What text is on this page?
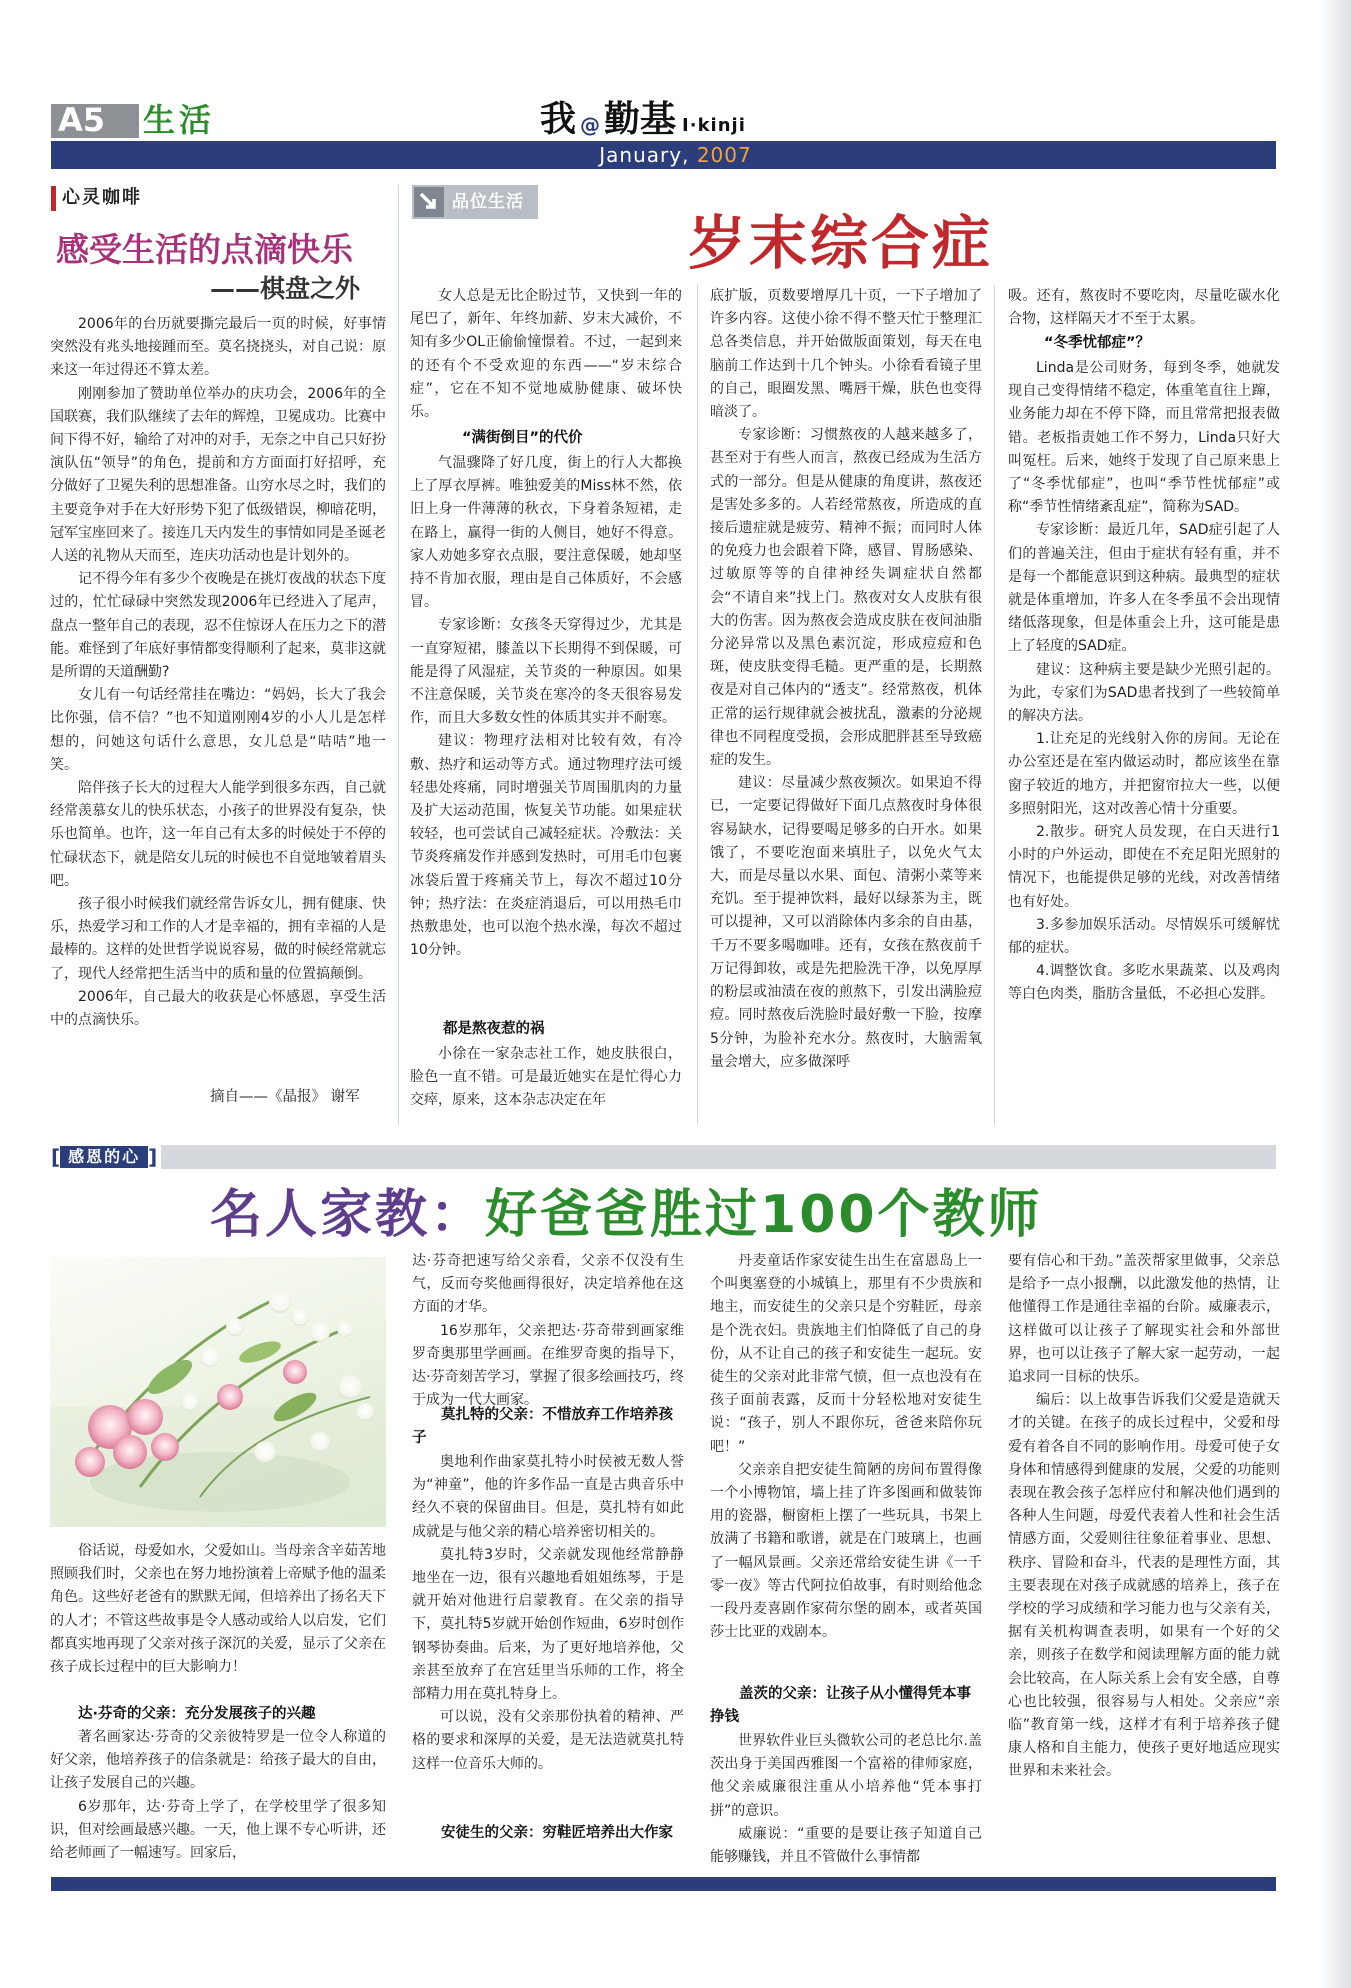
A5	生活	我 @ 勤基 I·kinji
January, 2007
心灵咖啡
感受生活的点滴快乐
——棋盘之外

2006年的台历就要撕完最后一页的时候，好事情突然没有兆头地接踵而至。莫名挠挠头，对自己说：原来这一年过得还不算太差。

刚刚参加了赞助单位举办的庆功会，2006年的全国联赛，我们队继续了去年的辉煌，卫冕成功。比赛中间下得不好，输给了对冲的对手，无奈之中自己只好扮演队伍“领导”的角色，提前和方方面面打好招呼，充分做好了卫冕失利的思想准备。山穷水尽之时，我们的主要竞争对手在大好形势下犯了低级错误，柳暗花明，冠军宝座回来了。接连几天内发生的事情如同是圣诞老人送的礼物从天而至，连庆功活动也是计划外的。

记不得今年有多少个夜晚是在挑灯夜战的状态下度过的，忙忙碌碌中突然发现2006年已经进入了尾声，盘点一整年自己的表现，忍不住惊讶人在压力之下的潜能。难怪到了年底好事情都变得顺利了起来，莫非这就是所谓的天道酬勤?

女儿有一句话经常挂在嘴边：“妈妈，长大了我会比你强，信不信？”也不知道刚刚4岁的小人儿是怎样想的，问她这句话什么意思，女儿总是“咭咭”地一笑。

陪伴孩子长大的过程大人能学到很多东西，自己就经常羡慕女儿的快乐状态，小孩子的世界没有复杂，快乐也简单。也许，这一年自己有太多的时候处于不停的忙碌状态下，就是陪女儿玩的时候也不自觉地皱着眉头吧。

孩子很小时候我们就经常告诉女儿，拥有健康、快乐，热爱学习和工作的人才是幸福的，拥有幸福的人是最棒的。这样的处世哲学说说容易，做的时候经常就忘了，现代人经常把生活当中的质和量的位置搞颠倒。

2006年，自己最大的收获是心怀感恩，享受生活中的点滴快乐。

摘自——《晶报》 谢军
品位生活
岁末综合症

女人总是无比企盼过节，又快到一年的尾巴了，新年、年终加薪、岁末大减价，不知有多少OL正偷偷憧憬着。不过，一起到来的还有个不受欢迎的东西——“岁末综合症”，它在不知不觉地威胁健康、破坏快乐。

“满街倒目”的代价

气温骤降了好几度，街上的行人大都换上了厚衣厚裤。唯独爱美的Miss林不然，依旧上身一件薄薄的秋衣，下身着条短裙，走在路上，赢得一街的人侧目，她好不得意。家人劝她多穿衣点服，要注意保暖，她却坚持不肯加衣服，理由是自己体质好，不会感冒。

专家诊断：女孩冬天穿得过少，尤其是一直穿短裙，膝盖以下长期得不到保暖，可能是得了风湿症，关节炎的一种原因。如果不注意保暖，关节炎在寒冷的冬天很容易发作，而且大多数女性的体质其实并不耐寒。

建议：物理疗法相对比较有效，有冷敷、热疗和运动等方式。通过物理疗法可缓轻患处疼痛，同时增强关节周围肌肉的力量及扩大运动范围，恢复关节功能。如果症状较轻，也可尝试自己减轻症状。冷敷法：关节炎疼痛发作并感到发热时，可用毛巾包裹冰袋后置于疼痛关节上，每次不超过10分钟；热疗法：在炎症消退后，可以用热毛巾热敷患处，也可以泡个热水澡，每次不超过10分钟。

都是熬夜惹的祸

小徐在一家杂志社工作，她皮肤很白，脸色一直不错。可是最近她实在是忙得心力交瘁，原来，这本杂志决定在年

底扩版，页数要增厚几十页，一下子增加了许多内容。这使小徐不得不整天忙于整理汇总各类信息，并开始做版面策划，每天在电脑前工作达到十几个钟头。小徐看看镜子里的自己，眼圈发黑、嘴唇干燥，肤色也变得暗淡了。

专家诊断：习惯熬夜的人越来越多了，甚至对于有些人而言，熬夜已经成为生活方式的一部分。但是从健康的角度讲，熬夜还是害处多多的。人若经常熬夜，所造成的直接后遗症就是疲劳、精神不振；而同时人体的免疫力也会跟着下降，感冒、胃肠感染、过敏原等等的自律神经失调症状自然都会“不请自来”找上门。熬夜对女人皮肤有很大的伤害。因为熬夜会造成皮肤在夜间油脂分泌异常以及黑色素沉淀，形成痘痘和色斑，使皮肤变得毛糙。更严重的是，长期熬夜是对自己体内的“透支”。经常熬夜，机体正常的运行规律就会被扰乱，激素的分泌规律也不同程度受损，会形成肥胖甚至导致癌症的发生。

建议：尽量减少熬夜频次。如果迫不得已，一定要记得做好下面几点熬夜时身体很容易缺水，记得要喝足够多的白开水。如果饿了，不要吃泡面来填肚子，以免火气太大，而是尽量以水果、面包、清粥小菜等来充饥。至于提神饮料，最好以绿茶为主，既可以提神，又可以消除体内多余的自由基，千万不要多喝咖啡。还有，女孩在熬夜前千万记得卸妆，或是先把脸洗干净，以免厚厚的粉层或油渍在夜的煎熬下，引发出满脸痘痘。同时熬夜后洗脸时最好敷一下脸，按摩5分钟，为脸补充水分。熬夜时，大脑需氧量会增大，应多做深呼

吸。还有，熬夜时不要吃肉，尽量吃碳水化合物，这样隔天才不至于太累。

“冬季忧郁症”？

Linda是公司财务，每到冬季，她就发现自己变得情绪不稳定，体重笔直往上蹿，业务能力却在不停下降，而且常常把报表做错。老板指责她工作不努力，Linda只好大叫冤枉。后来，她终于发现了自己原来患上了“冬季忧郁症”，也叫“季节性忧郁症”或称“季节性情绪紊乱症”，简称为SAD。

专家诊断：最近几年，SAD症引起了人们的普遍关注，但由于症状有轻有重，并不是每一个都能意识到这种病。最典型的症状就是体重增加，许多人在冬季虽不会出现情绪低落现象，但是体重会上升，这可能是患上了轻度的SAD症。

建议：这种病主要是缺少光照引起的。为此，专家们为SAD患者找到了一些较简单的解决方法。

1.让充足的光线射入你的房间。无论在办公室还是在室内做运动时，都应该坐在靠窗子较近的地方，并把窗帘拉大一些，以便多照射阳光，这对改善心情十分重要。

2.散步。研究人员发现，在白天进行1小时的户外运动，即使在不充足阳光照射的情况下，也能提供足够的光线，对改善情绪也有好处。

3.多参加娱乐活动。尽情娱乐可缓解忧郁的症状。

4.调整饮食。多吃水果蔬菜、以及鸡肉等白色肉类，脂肪含量低，不必担心发胖。

[ 感恩的心 ]
名人家教：好爸爸胜过100个教师

俗话说，母爱如水，父爱如山。当母亲含辛茹苦地照顾我们时，父亲也在努力地扮演着上帝赋予他的温柔角色。这些好老爸有的默默无闻，但培养出了扬名天下的人才；不管这些故事是令人感动或给人以启发，它们都真实地再现了父亲对孩子深沉的关爱，显示了父亲在孩子成长过程中的巨大影响力！

达·芬奇的父亲：充分发展孩子的兴趣

著名画家达·芬奇的父亲彼特罗是一位令人称道的好父亲，他培养孩子的信条就是：给孩子最大的自由，让孩子发展自己的兴趣。

6岁那年，达·芬奇上学了，在学校里学了很多知识，但对绘画最感兴趣。一天，他上课不专心听讲，还给老师画了一幅速写。回家后，

达·芬奇把速写给父亲看，父亲不仅没有生气，反而夸奖他画得很好，决定培养他在这方面的才华。

16岁那年，父亲把达·芬奇带到画家维罗奇奥那里学画画。在维罗奇奥的指导下，达·芬奇刻苦学习，掌握了很多绘画技巧，终于成为一代大画家。

莫扎特的父亲：不惜放弃工作培养孩子

奥地利作曲家莫扎特小时侯被无数人誉为“神童”，他的许多作品一直是古典音乐中经久不衰的保留曲目。但是，莫扎特有如此成就是与他父亲的精心培养密切相关的。

莫扎特3岁时，父亲就发现他经常静静地坐在一边，很有兴趣地看姐姐练琴，于是就开始对他进行启蒙教育。在父亲的指导下，莫扎特5岁就开始创作短曲，6岁时创作钢琴协奏曲。后来，为了更好地培养他，父亲甚至放弃了在宫廷里当乐师的工作，将全部精力用在莫扎特身上。

可以说，没有父亲那份执着的精神、严格的要求和深厚的关爱，是无法造就莫扎特这样一位音乐大师的。

安徒生的父亲：穷鞋匠培养出大作家

丹麦童话作家安徒生出生在富恩岛上一个叫奥塞登的小城镇上，那里有不少贵族和地主，而安徒生的父亲只是个穷鞋匠，母亲是个洗衣妇。贵族地主们怕降低了自己的身份，从不让自己的孩子和安徒生一起玩。安徒生的父亲对此非常气愤，但一点也没有在孩子面前表露，反而十分轻松地对安徒生说：“孩子，别人不跟你玩，爸爸来陪你玩吧！”

父亲亲自把安徒生简陋的房间布置得像一个小博物馆，墙上挂了许多图画和做装饰用的瓷器，橱窗柜上摆了一些玩具，书架上放满了书籍和歌谱，就是在门玻璃上，也画了一幅风景画。父亲还常给安徒生讲《一千零一夜》等古代阿拉伯故事，有时则给他念一段丹麦喜剧作家荷尔堡的剧本，或者英国莎士比亚的戏剧本。

盖茨的父亲：让孩子从小懂得凭本事挣钱

世界软件业巨头微软公司的老总比尔.盖茨出身于美国西雅图一个富裕的律师家庭，他父亲威廉很注重从小培养他“凭本事打拼”的意识。

威廉说：“重要的是要让孩子知道自己能够赚钱，并且不管做什么事情都

要有信心和干劲。”盖茨帮家里做事，父亲总是给予一点小报酬，以此激发他的热情，让他懂得工作是通往幸福的台阶。威廉表示，这样做可以让孩子了解现实社会和外部世界，也可以让孩子了解大家一起劳动，一起追求同一目标的快乐。

编后：以上故事告诉我们父爱是造就天才的关键。在孩子的成长过程中，父爱和母爱有着各自不同的影响作用。母爱可使子女身体和情感得到健康的发展，父爱的功能则表现在教会孩子怎样应付和解决他们遇到的各种人生问题，母爱代表着人性和社会生活情感方面，父爱则往往象征着事业、思想、秩序、冒险和奋斗，代表的是理性方面，其主要表现在对孩子成就感的培养上，孩子在学校的学习成绩和学习能力也与父亲有关，据有关机构调查表明，如果有一个好的父亲，则孩子在数学和阅读理解方面的能力就会比较高，在人际关系上会有安全感，自尊心也比较强，很容易与人相处。父亲应“亲临”教育第一线，这样才有利于培养孩子健康人格和自主能力，使孩子更好地适应现实世界和未来社会。
